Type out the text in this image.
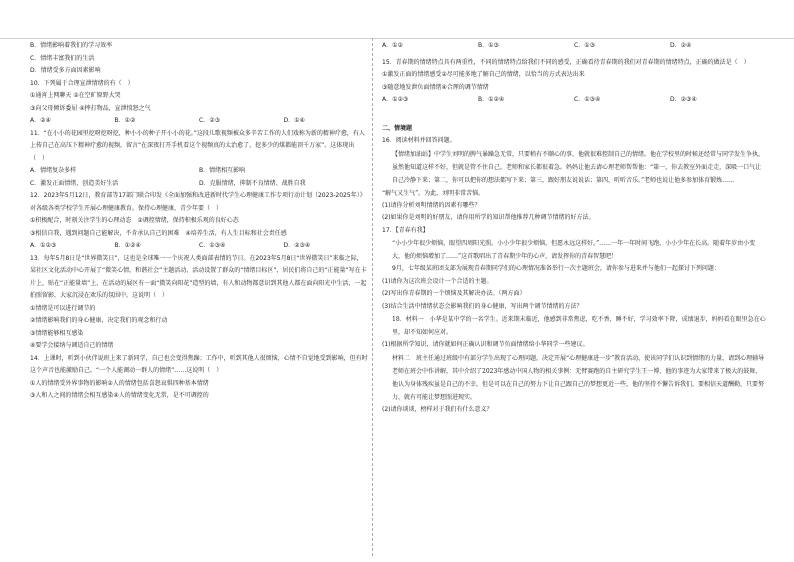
B．情绪影响着我们的学习效率

C．情绪丰富我们的生活

D．情绪受多方面因素影响

10．下列属于合理宣泄情绪的有（　）

①通宵上网聊天 ②在空旷原野大哭

③向父母倾诉委屈 ④摔打物品，宣泄愤怒之气

A．②④	B．①②	C．②③	D．①④

11．“在小小的花园里挖呀挖呀挖，种小小的种子开小小的花。”这段儿歌视频被众多辛苦工作的人们戏称为新的精神疗愈，有人上传自己在高压下精神疗愈的视频，留言“在深夜打开手机看这个视频真的太治愈了，挖多少的煤都能顶千万家”。这体现出（　）

A．情绪复杂多样	B．情绪相互影响
C．激发正面情绪，创造美好生活	D．克服情绪，抑制不良情绪、战胜自我

12．2023年5月12日，教育部等17部门联合印发《全面加强和改进新时代学生心理健康工作专项行动计划（2023-2025年）》对各级各类学校学生开展心理健康教育。保持心理健康，青少年要（　）

①积极配合，时刻关注学生的心理动态　②调控情绪，保持积极乐观的良好心态

③相信自我，遇到问题自己能解决，不肯承认自己的困难　④培养生活，有人生目标和社会责任感

A．①②③	B．①②④	C．①③④	D．②③④

13．每年5月8日是“世界微笑日”，这也是全球唯一一个庆祝人类面部表情的节日。在2023年5月8日“世界微笑日”来临之际，某社区文化活动中心开展了“微笑心情，和谐社会”主题活动，活动设置了群众的“情绪目标区”，居民们将自己的“正能量”写在卡片上，贴在“正能量墙”上，在活动的展区有一面“微笑向阳花”造型的墙，有人和动物都意识到其他人都在面向阳光中生活，一起拍照留影，大家沉浸在欢乐的氛围中。这说明（　）

①情绪是可以进行调节的

②情绪影响我们的身心健康，决定我们的观念和行动

③情绪能够相互感染

④要学会接纳与调适自己的情绪

14．上课时，听到小伙伴说班上来了新同学，自己也会变得焦躁；工作中，听到其他人很烦恼，心情不自觉地受到影响，但有时这个声音也能激励自己，“一个人能调动一群人的情绪”……这说明（　）

①人的情绪受外界事物的影响②人的情绪包括喜怒哀惧四种基本情绪

③人和人之间的情绪会相互感染④人的情绪变化无常，是不可调控的

A．①②	B．①③	C．①③	D．②④

15．青春期的情绪特点具有两重性，不同的情绪特点给我们不同的感受，正确看待青春期的我们对青春期的情绪特点，正确的做法是（　）

①激发正面的情绪感受②尽可能多地了解自己的情绪，以恰当的方式表达出来

③随意地发泄负面情绪④合理的调节情绪

A．①②③	B．①②④	C．①③④	D．②③④

二、情境题

16．阅读材料并回答问题。

【情绪加油站】中学生刘明的脾气暴躁急无常，只要稍有不顺心的事，他就很难控制自己的情绪。他在学校里的时候还经常与同学发生争执，虽然他知道这样不好，但就是管不住自己。老师和家长都很着急。妈妈让他去请心理老师帮帮他：“第一，你去教室外面走走，深吸一口气让自己冷静下来；第二，你可以把你的想法都写下来；第三，跟好朋友说说话；第四，听听音乐。”老师也说让他多参加体育锻炼……

“解气又生气”。为此，刘明非常苦恼。

(1)请你分析刘明情绪的因素有哪些？

(2)如果你是刘明的好朋友，请你用所学的知识帮他推荐几种调节情绪的好方法。

17．【青春有我】

“小小少年很少烦恼，眼望四周阳光照。小小少年很少烦恼，但愿永远这样好。”……一年一年时间飞跑，小小少年在长高。随着年岁由小变大，他的烦恼增加了……”这首歌唱出了青春期少年的心声，请发挥你的青春智慧吧！

9月，七年级某班团支部为展现青春期同学们的心理情况准备举行一次主题班会，请你参与进来并与他们一起探讨下列问题：

(1)请你为这次班会设计一个合适的主题。

(2)写出你青春期的一个烦恼及其解决办法。（两方面）

(3)结合生活中情绪状态会影响我们的身心健康，写出两个调节情绪的方法？

18．材料一　小华是某中学的一名学生。近来期末临近，他感到非常焦虑，吃不香，睡不好，学习效率下降，成绩退步，妈妈看在眼里急在心里，却不知如何应对。

(1)根据所学知识，请你就如何正确认识和调节负面情绪给小华同学一些建议。

材料二　班主任通过班级中有部分学生出现了心理问题，决定开展“心理健康进一步”教育活动，使该同学们认识到情绪的力量，请到心理辅导老师在班会中作讲解，其中介绍了2023年感动中国人物的相关事例：无臂赛跑的自主研究学生王一博，他的事迹为大家带来了极大的鼓舞，他认为身体残疾虽是自己的不幸，但是可以在自己的努力下让自己跟自己的梦想更近一些，他的坚持不懈告诉我们，要相信天道酬勤，只要努力，就有可能让梦想照进现实。

(2)请你谈谈，榜样对于我们有什么意义？
